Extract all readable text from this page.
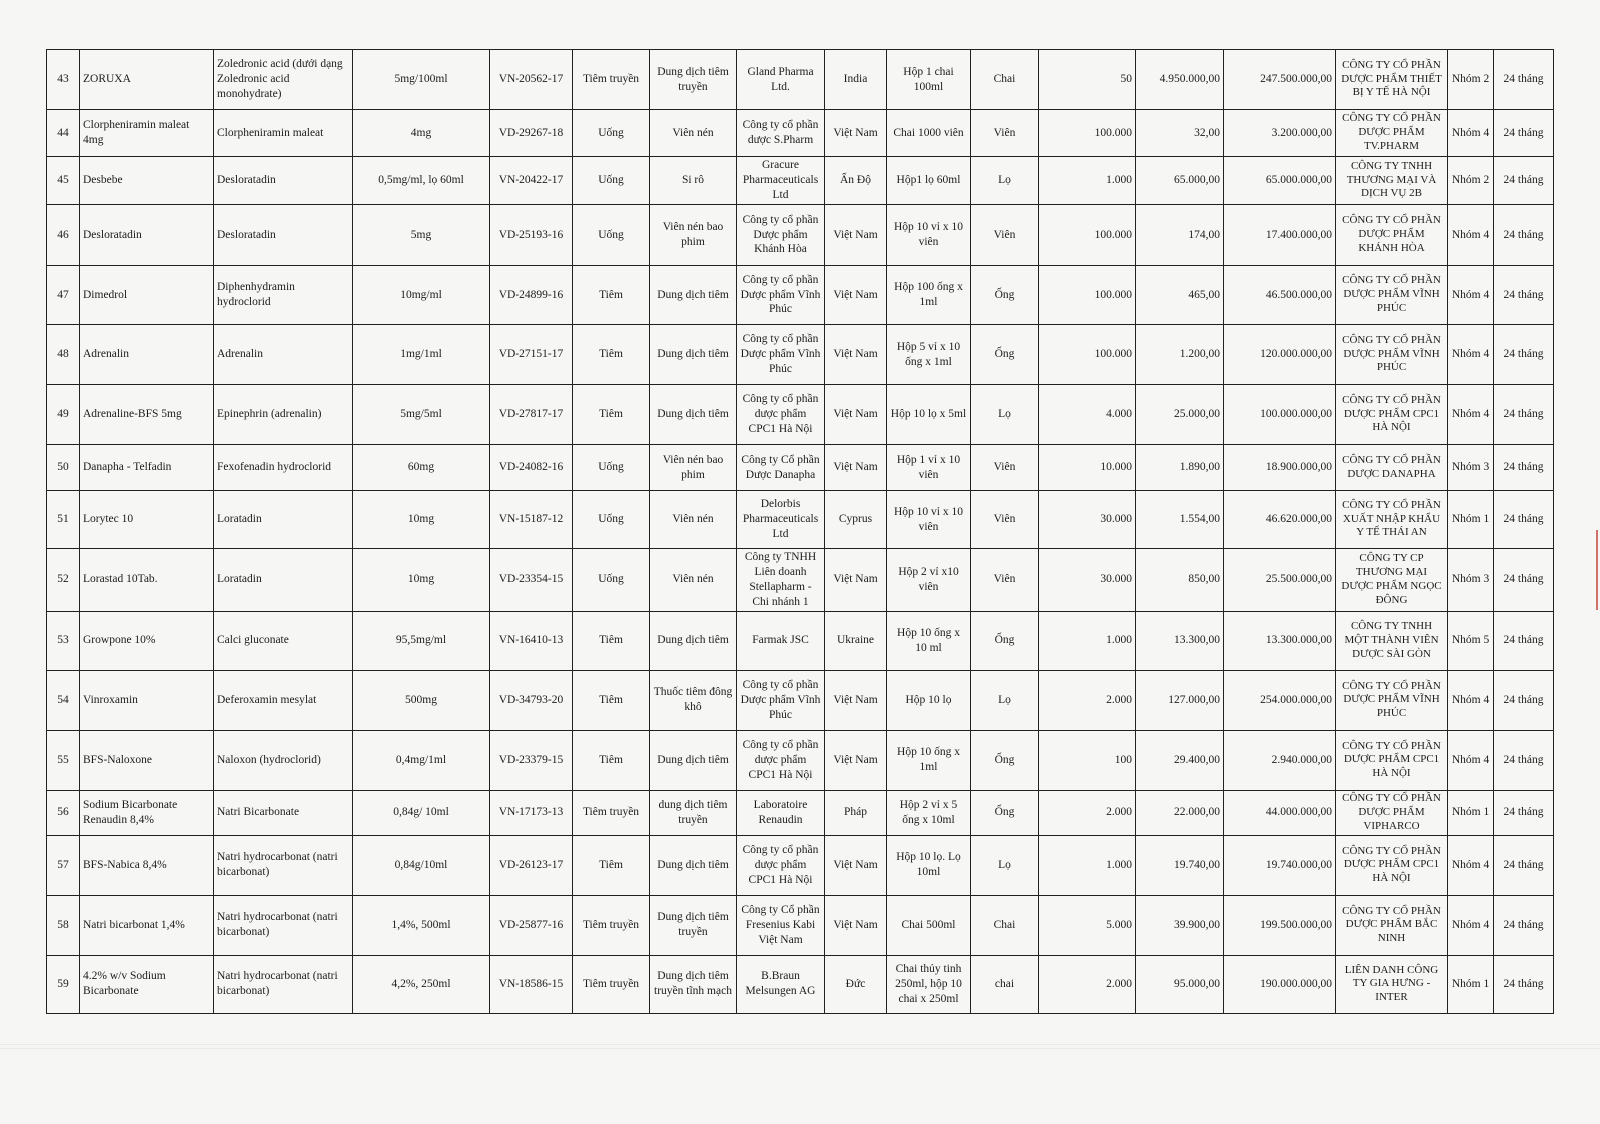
43	ZORUXA	Zoledronic acid (dưới dạng Zoledronic acid monohydrate)	5mg/100ml	VN-20562-17	Tiêm truyền	Dung dịch tiêm truyền	Gland Pharma Ltd.	India	Hộp 1 chai 100ml	Chai	50	4.950.000,00	247.500.000,00	CÔNG TY CỔ PHẦN DƯỢC PHẨM THIẾT BỊ Y TẾ HÀ NỘI	Nhóm 2	24 tháng
44	Clorpheniramin maleat 4mg	Clorpheniramin maleat	4mg	VD-29267-18	Uống	Viên nén	Công ty cổ phần dược S.Pharm	Việt Nam	Chai 1000 viên	Viên	100.000	32,00	3.200.000,00	CÔNG TY CỔ PHẦN DƯỢC PHẨM TV.PHARM	Nhóm 4	24 tháng
45	Desbebe	Desloratadin	0,5mg/ml, lọ 60ml	VN-20422-17	Uống	Si rô	Gracure Pharmaceuticals Ltd	Ấn Độ	Hộp1 lọ 60ml	Lọ	1.000	65.000,00	65.000.000,00	CÔNG TY TNHH THƯƠNG MẠI VÀ DỊCH VỤ 2B	Nhóm 2	24 tháng
46	Desloratadin	Desloratadin	5mg	VD-25193-16	Uống	Viên nén bao phim	Công ty cổ phần Dược phẩm Khánh Hòa	Việt Nam	Hộp 10 vỉ x 10 viên	Viên	100.000	174,00	17.400.000,00	CÔNG TY CỔ PHẦN DƯỢC PHẨM KHÁNH HÒA	Nhóm 4	24 tháng
47	Dimedrol	Diphenhydramin hydroclorid	10mg/ml	VD-24899-16	Tiêm	Dung dịch tiêm	Công ty cổ phần Dược phẩm Vĩnh Phúc	Việt Nam	Hộp 100 ống x 1ml	Ống	100.000	465,00	46.500.000,00	CÔNG TY CỔ PHẦN DƯỢC PHẨM VĨNH PHÚC	Nhóm 4	24 tháng
48	Adrenalin	Adrenalin	1mg/1ml	VD-27151-17	Tiêm	Dung dịch tiêm	Công ty cổ phần Dược phẩm Vĩnh Phúc	Việt Nam	Hộp 5 vỉ x 10 ống x 1ml	Ống	100.000	1.200,00	120.000.000,00	CÔNG TY CỔ PHẦN DƯỢC PHẨM VĨNH PHÚC	Nhóm 4	24 tháng
49	Adrenaline-BFS 5mg	Epinephrin (adrenalin)	5mg/5ml	VD-27817-17	Tiêm	Dung dịch tiêm	Công ty cổ phần dược phẩm CPC1 Hà Nội	Việt Nam	Hộp 10 lọ x 5ml	Lọ	4.000	25.000,00	100.000.000,00	CÔNG TY CỔ PHẦN DƯỢC PHẨM CPC1 HÀ NỘI	Nhóm 4	24 tháng
50	Danapha - Telfadin	Fexofenadin hydroclorid	60mg	VD-24082-16	Uống	Viên nén bao phim	Công ty Cổ phần Dược Danapha	Việt Nam	Hộp 1 vỉ x 10 viên	Viên	10.000	1.890,00	18.900.000,00	CÔNG TY CỔ PHẦN DƯỢC DANAPHA	Nhóm 3	24 tháng
51	Lorytec 10	Loratadin	10mg	VN-15187-12	Uống	Viên nén	Delorbis Pharmaceuticals Ltd	Cyprus	Hộp 10 vỉ x 10 viên	Viên	30.000	1.554,00	46.620.000,00	CÔNG TY CỔ PHẦN XUẤT NHẬP KHẨU Y TẾ THÁI AN	Nhóm 1	24 tháng
52	Lorastad 10Tab.	Loratadin	10mg	VD-23354-15	Uống	Viên nén	Công ty TNHH Liên doanh Stellapharm - Chi nhánh 1	Việt Nam	Hộp 2 vỉ x10 viên	Viên	30.000	850,00	25.500.000,00	CÔNG TY CP THƯƠNG MẠI DƯỢC PHẨM NGỌC ĐÔNG	Nhóm 3	24 tháng
53	Growpone 10%	Calci gluconate	95,5mg/ml	VN-16410-13	Tiêm	Dung dịch tiêm	Farmak JSC	Ukraine	Hộp 10 ống x 10 ml	Ống	1.000	13.300,00	13.300.000,00	CÔNG TY TNHH MỘT THÀNH VIÊN DƯỢC SÀI GÒN	Nhóm 5	24 tháng
54	Vinroxamin	Deferoxamin mesylat	500mg	VD-34793-20	Tiêm	Thuốc tiêm đông khô	Công ty cổ phần Dược phẩm Vĩnh Phúc	Việt Nam	Hộp 10 lọ	Lọ	2.000	127.000,00	254.000.000,00	CÔNG TY CỔ PHẦN DƯỢC PHẨM VĨNH PHÚC	Nhóm 4	24 tháng
55	BFS-Naloxone	Naloxon (hydroclorid)	0,4mg/1ml	VD-23379-15	Tiêm	Dung dịch tiêm	Công ty cổ phần dược phẩm CPC1 Hà Nội	Việt Nam	Hộp 10 ống x 1ml	Ống	100	29.400,00	2.940.000,00	CÔNG TY CỔ PHẦN DƯỢC PHẨM CPC1 HÀ NỘI	Nhóm 4	24 tháng
56	Sodium Bicarbonate Renaudin 8,4%	Natri Bicarbonate	0,84g/ 10ml	VN-17173-13	Tiêm truyền	dung dịch tiêm truyền	Laboratoire Renaudin	Pháp	Hộp 2 vỉ x 5 ống x 10ml	Ống	2.000	22.000,00	44.000.000,00	CÔNG TY CỔ PHẦN DƯỢC PHẨM VIPHARCO	Nhóm 1	24 tháng
57	BFS-Nabica 8,4%	Natri hydrocarbonat (natri bicarbonat)	0,84g/10ml	VD-26123-17	Tiêm	Dung dịch tiêm	Công ty cổ phần dược phẩm CPC1 Hà Nội	Việt Nam	Hộp 10 lọ. Lọ 10ml	Lọ	1.000	19.740,00	19.740.000,00	CÔNG TY CỔ PHẦN DƯỢC PHẨM CPC1 HÀ NỘI	Nhóm 4	24 tháng
58	Natri bicarbonat 1,4%	Natri hydrocarbonat (natri bicarbonat)	1,4%, 500ml	VD-25877-16	Tiêm truyền	Dung dịch tiêm truyền	Công ty Cổ phần Fresenius Kabi Việt Nam	Việt Nam	Chai 500ml	Chai	5.000	39.900,00	199.500.000,00	CÔNG TY CỔ PHẦN DƯỢC PHẨM BẮC NINH	Nhóm 4	24 tháng
59	4.2% w/v Sodium Bicarbonate	Natri hydrocarbonat (natri bicarbonat)	4,2%, 250ml	VN-18586-15	Tiêm truyền	Dung dịch tiêm truyền tĩnh mạch	B.Braun Melsungen AG	Đức	Chai thủy tinh 250ml, hộp 10 chai x 250ml	chai	2.000	95.000,00	190.000.000,00	LIÊN DANH CÔNG TY GIA HƯNG - INTER	Nhóm 1	24 tháng
